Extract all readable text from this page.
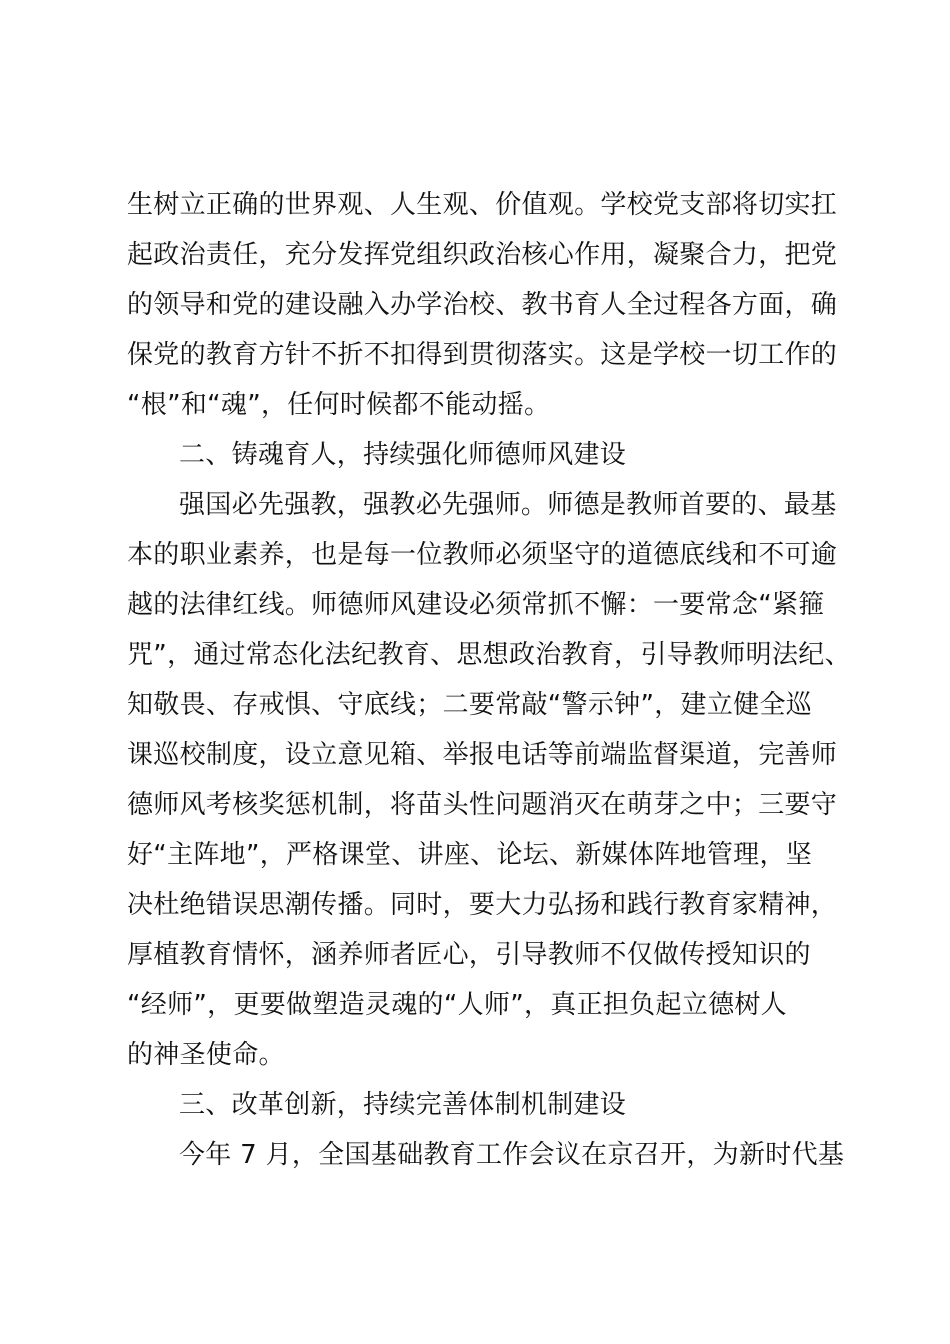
生树立正确的世界观、人生观、价值观。学校党支部将切实扛
起政治责任，充分发挥党组织政治核心作用，凝聚合力，把党
的领导和党的建设融入办学治校、教书育人全过程各方面，确
保党的教育方针不折不扣得到贯彻落实。这是学校一切工作的
“根”和“魂”，任何时候都不能动摇。
二、铸魂育人，持续强化师德师风建设
强国必先强教，强教必先强师。师德是教师首要的、最基
本的职业素养，也是每一位教师必须坚守的道德底线和不可逾
越的法律红线。师德师风建设必须常抓不懈：一要常念“紧箍
咒”，通过常态化法纪教育、思想政治教育，引导教师明法纪、
知敬畏、存戒惧、守底线；二要常敲“警示钟”，建立健全巡
课巡校制度，设立意见箱、举报电话等前端监督渠道，完善师
德师风考核奖惩机制，将苗头性问题消灭在萌芽之中；三要守
好“主阵地”，严格课堂、讲座、论坛、新媒体阵地管理，坚
决杜绝错误思潮传播。同时，要大力弘扬和践行教育家精神，
厚植教育情怀，涵养师者匠心，引导教师不仅做传授知识的
“经师”，更要做塑造灵魂的“人师”，真正担负起立德树人
的神圣使命。
三、改革创新，持续完善体制机制建设
今年 7 月，全国基础教育工作会议在京召开，为新时代基
